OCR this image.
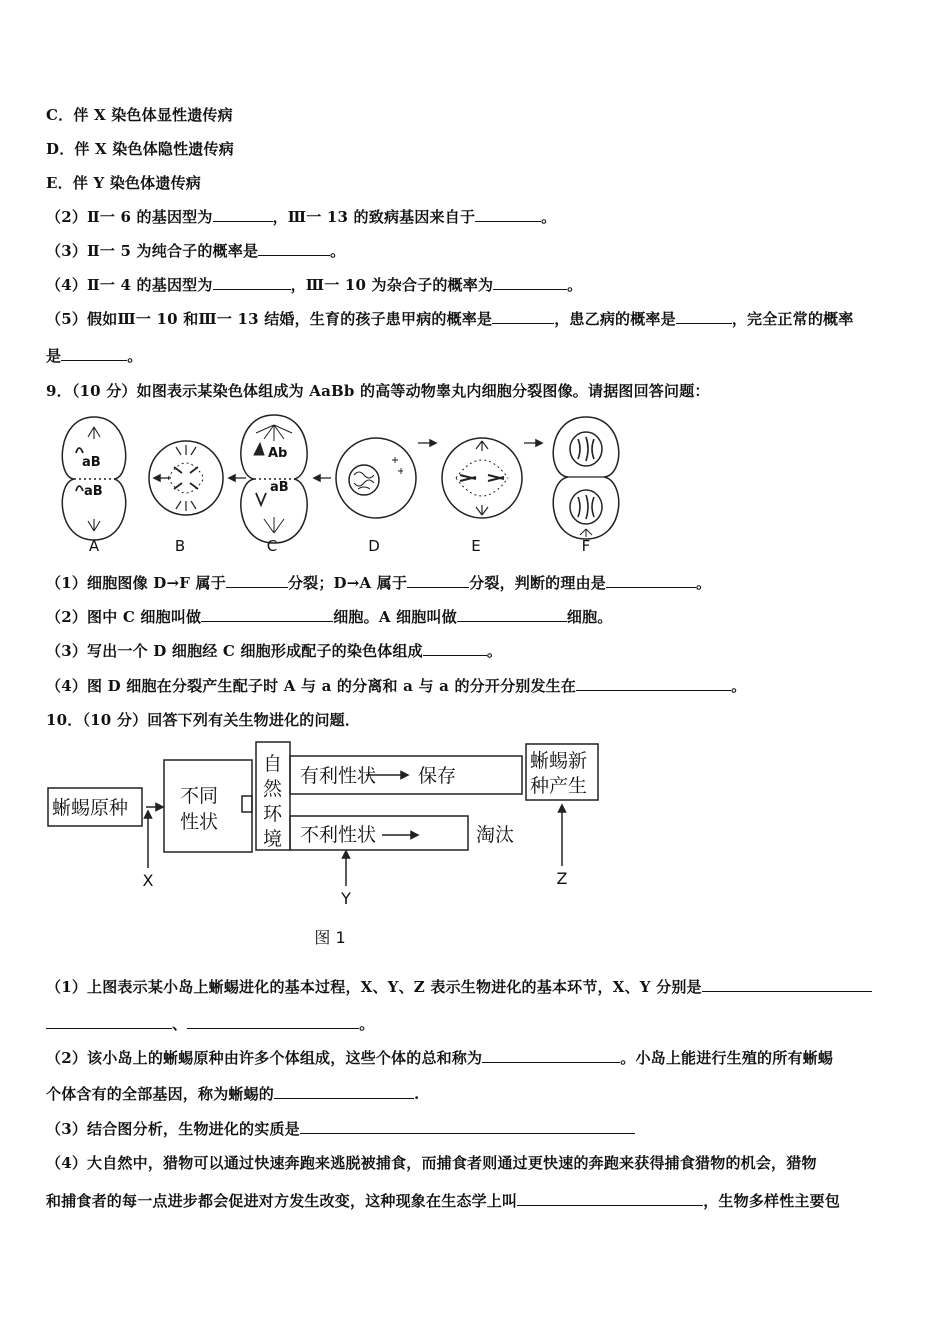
C．伴 X 染色体显性遗传病
D．伴 X 染色体隐性遗传病
E．伴 Y 染色体遗传病
（2）Ⅱ一 6 的基因型为	，Ⅲ一 13 的致病基因来自于	。
（3）Ⅱ一 5 为纯合子的概率是	。
（4）Ⅱ一 4 的基因型为	，Ⅲ一 10 为杂合子的概率为	。
（5）假如Ⅲ一 10 和Ⅲ一 13 结婚，生育的孩子患甲病的概率是	，患乙病的概率是	，完全正常的概率
是	。
9．（10 分）如图表示某染色体组成为 AaBb 的高等动物睾丸内细胞分裂图像。请据图回答问题：
aB
aB
Ab
aB
A	B	C	D	E	F
（1）细胞图像 D→F 属于	分裂；D→A 属于	分裂，判断的理由是	。
（2）图中 C 细胞叫做	细胞。A 细胞叫做	细胞。
（3）写出一个 D 细胞经 C 细胞形成配子的染色体组成	。
（4）图 D 细胞在分裂产生配子时 A 与 a 的分离和 a 与 a 的分开分别发生在	。
10．（10 分）回答下列有关生物进化的问题．
蜥蜴原种
不同
性状
自
然
环
境
有利性状 保存
不利性状	淘汰
蜥蜴新
种产生
X
Y
Z
图 1
（1）上图表示某小岛上蜥蜴进化的基本过程，X、Y、Z 表示生物进化的基本环节，X、Y 分别是
、	。
（2）该小岛上的蜥蜴原种由许多个体组成，这些个体的总和称为	。小岛上能进行生殖的所有蜥蜴
个体含有的全部基因，称为蜥蜴的	.
（3）结合图分析，生物进化的实质是
（4）大自然中，猎物可以通过快速奔跑来逃脱被捕食，而捕食者则通过更快速的奔跑来获得捕食猎物的机会，猎物
和捕食者的每一点进步都会促进对方发生改变，这种现象在生态学上叫	，生物多样性主要包
